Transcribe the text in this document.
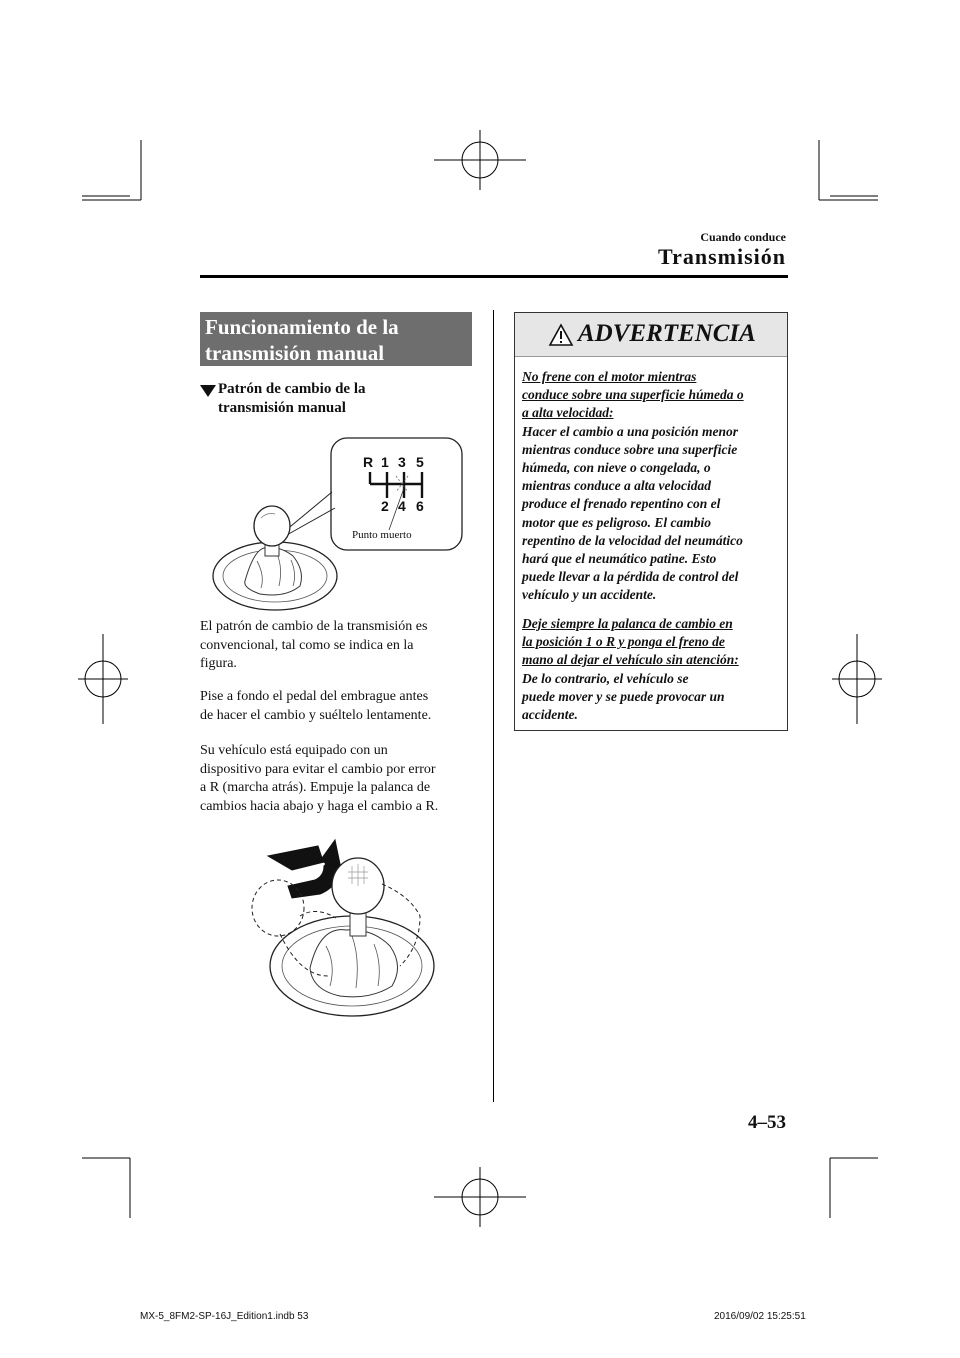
Cuando conduce
Transmisión
Funcionamiento de la
transmisión manual
Patrón de cambio de la
transmisión manual
R 1 3 5
2 4 6
Punto muerto
El patrón de cambio de la transmisión es
convencional, tal como se indica en la
figura.
Pise a fondo el pedal del embrague antes
de hacer el cambio y suéltelo lentamente.
Su vehículo está equipado con un
dispositivo para evitar el cambio por error
a R (marcha atrás). Empuje la palanca de
cambios hacia abajo y haga el cambio a R.
ADVERTENCIA
No frene con el motor mientras
conduce sobre una superficie húmeda o
a alta velocidad:
Hacer el cambio a una posición menor
mientras conduce sobre una superficie
húmeda, con nieve o congelada, o
mientras conduce a alta velocidad
produce el frenado repentino con el
motor que es peligroso. El cambio
repentino de la velocidad del neumático
hará que el neumático patine. Esto
puede llevar a la pérdida de control del
vehículo y un accidente.
Deje siempre la palanca de cambio en
la posición 1 o R y ponga el freno de
mano al dejar el vehículo sin atención:
De lo contrario, el vehículo se
puede mover y se puede provocar un
accidente.
4–53
MX-5_8FM2-SP-16J_Edition1.indb 53	2016/09/02 15:25:51
